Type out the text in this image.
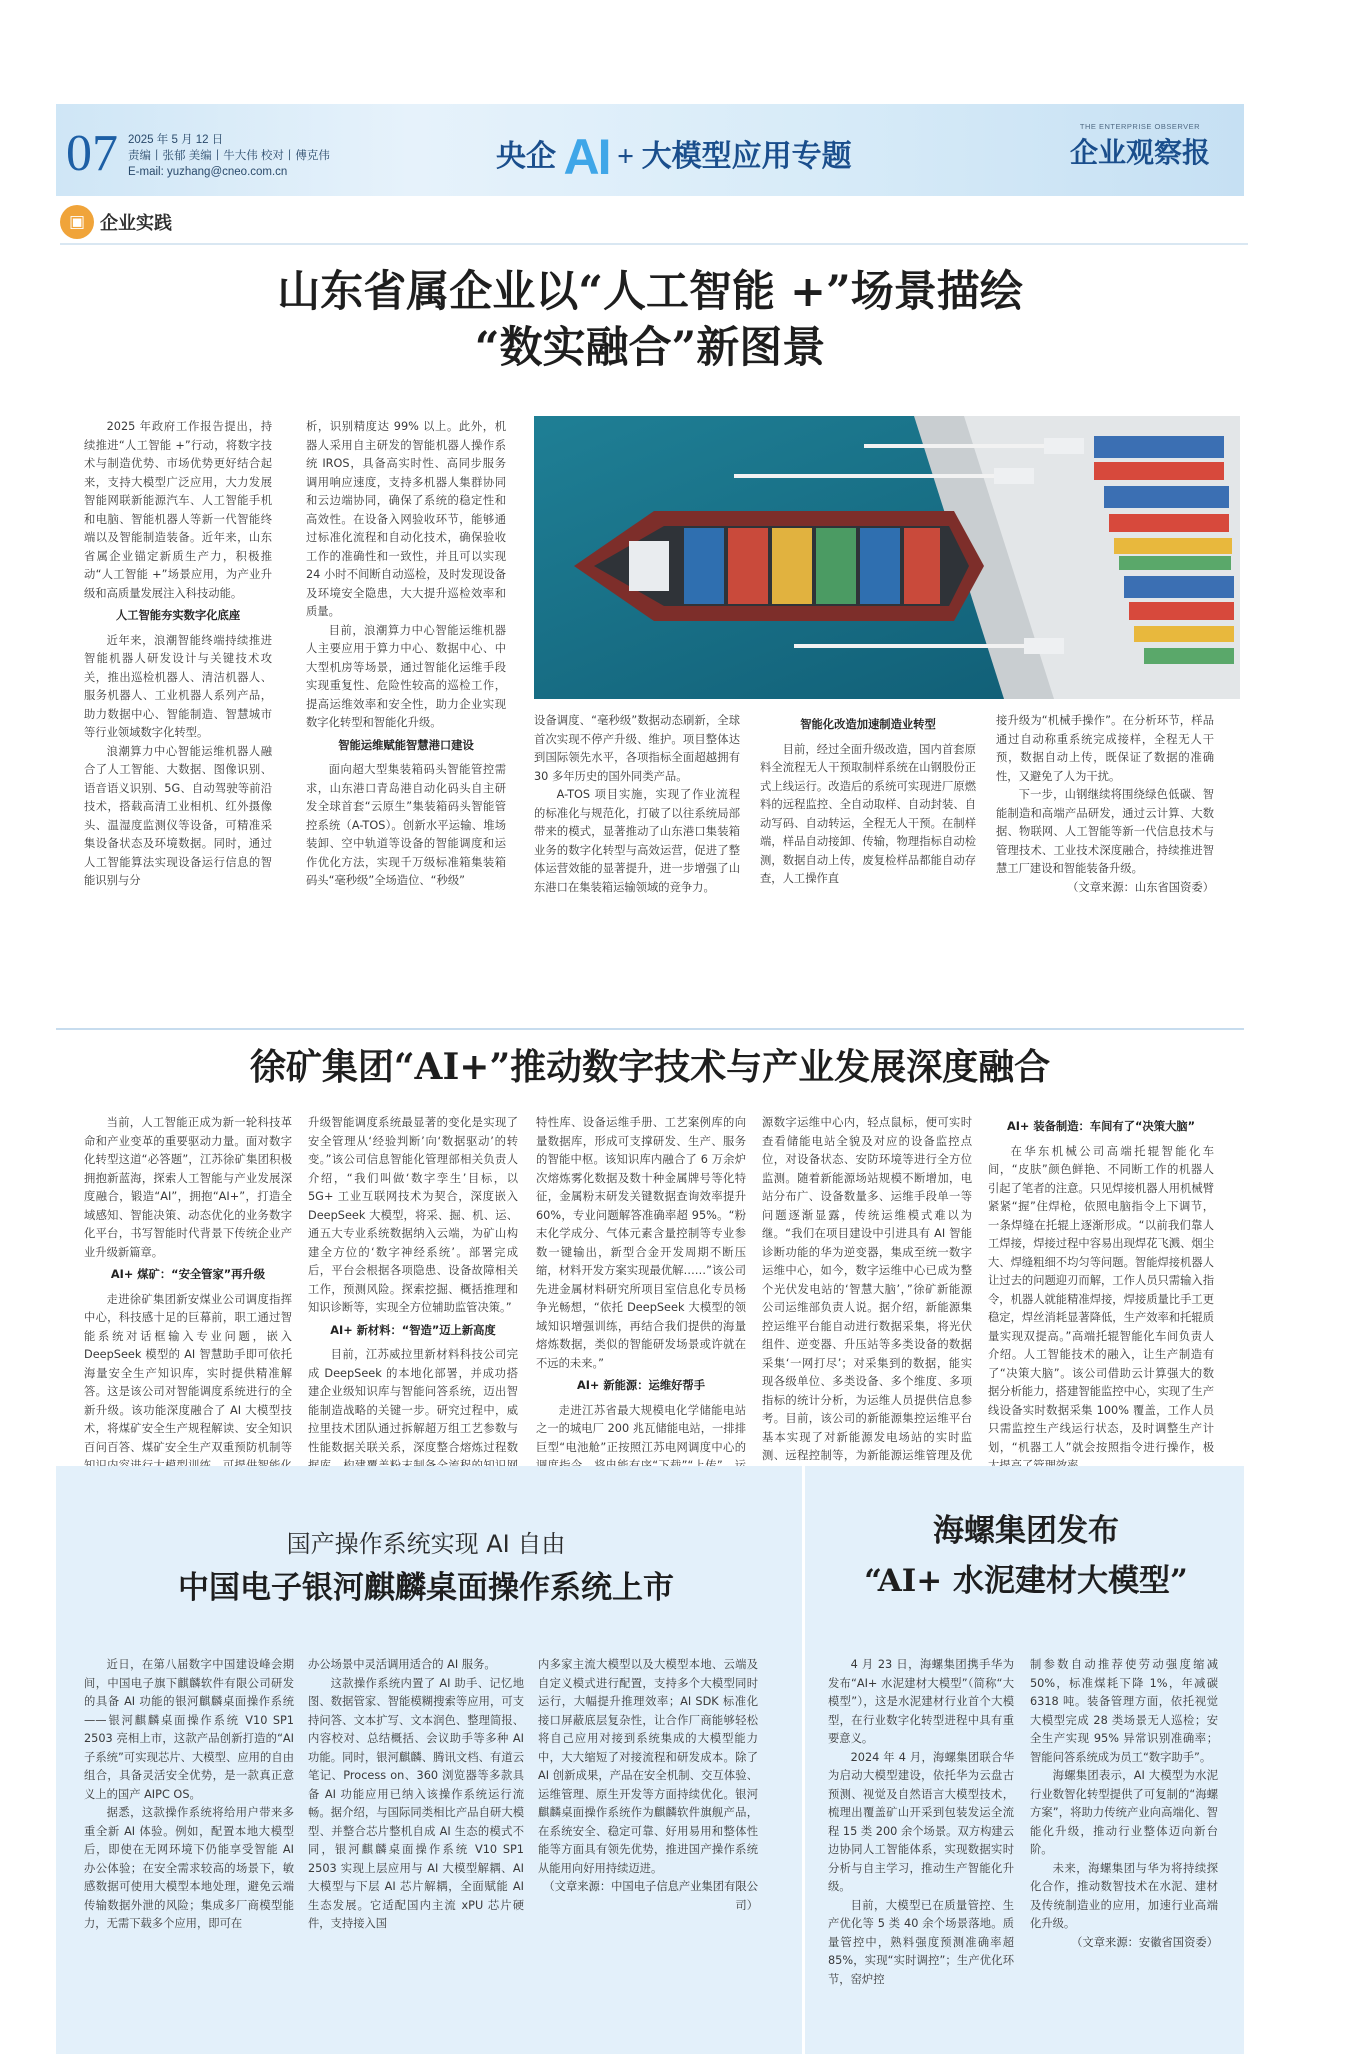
07 2025 年 5 月 12 日
责编丨张郁 美编丨牛大伟 校对丨傅克伟
E-mail: yuzhang@cneo.com.cn	央企 AI + 大模型应用专题
THE ENTERPRISE OBSERVER
企业观察报
▣ 企业实践
山东省属企业以“人工智能 +”场景描绘
“数实融合”新图景

2025 年政府工作报告提出，持续推进“人工智能 +”行动，将数字技术与制造优势、市场优势更好结合起来，支持大模型广泛应用，大力发展智能网联新能源汽车、人工智能手机和电脑、智能机器人等新一代智能终端以及智能制造装备。近年来，山东省属企业锚定新质生产力，积极推动“人工智能 +”场景应用，为产业升级和高质量发展注入科技动能。

人工智能夯实数字化底座

近年来，浪潮智能终端持续推进智能机器人研发设计与关键技术攻关，推出巡检机器人、清洁机器人、服务机器人、工业机器人系列产品，助力数据中心、智能制造、智慧城市等行业领域数字化转型。

浪潮算力中心智能运维机器人融合了人工智能、大数据、图像识别、语音语义识别、5G、自动驾驶等前沿技术，搭载高清工业相机、红外摄像头、温湿度监测仪等设备，可精准采集设备状态及环境数据。同时，通过人工智能算法实现设备运行信息的智能识别与分

析，识别精度达 99% 以上。此外，机器人采用自主研发的智能机器人操作系统 IROS，具备高实时性、高同步服务调用响应速度，支持多机器人集群协同和云边端协同，确保了系统的稳定性和高效性。在设备入网验收环节，能够通过标准化流程和自动化技术，确保验收工作的准确性和一致性，并且可以实现 24 小时不间断自动巡检，及时发现设备及环境安全隐患，大大提升巡检效率和质量。

目前，浪潮算力中心智能运维机器人主要应用于算力中心、数据中心、中大型机房等场景，通过智能化运维手段实现重复性、危险性较高的巡检工作，提高运维效率和安全性，助力企业实现数字化转型和智能化升级。

智能运维赋能智慧港口建设

面向超大型集装箱码头智能管控需求，山东港口青岛港自动化码头自主研发全球首套“云原生”集装箱码头智能管控系统（A-TOS）。创新水平运输、堆场装卸、空中轨道等设备的智能调度和运作优化方法，实现千万级标准箱集装箱码头“毫秒级”全场造位、“秒级”

设备调度、“毫秒级”数据动态刷新，全球首次实现不停产升级、维护。项目整体达到国际领先水平，各项指标全面超越拥有 30 多年历史的国外同类产品。

A-TOS 项目实施，实现了作业流程的标准化与规范化，打破了以往系统局部带来的模式，显著推动了山东港口集装箱业务的数字化转型与高效运营，促进了整体运营效能的显著提升，进一步增强了山东港口在集装箱运输领域的竞争力。

智能化改造加速制造业转型

目前，经过全面升级改造，国内首套原料全流程无人干预取制样系统在山钢股份正式上线运行。改造后的系统可实现进厂原燃料的远程监控、全自动取样、自动封装、自动写码、自动转运，全程无人干预。在制样端，样品自动接卸、传输，物理指标自动检测，数据自动上传，废复检样品都能自动存查，人工操作直

接升级为“机械手操作”。在分析环节，样品通过自动称重系统完成接样，全程无人干预，数据自动上传，既保证了数据的准确性，又避免了人为干扰。

下一步，山钢继续将围绕绿色低碳、智能制造和高端产品研发，通过云计算、大数据、物联网、人工智能等新一代信息技术与管理技术、工业技术深度融合，持续推进智慧工厂建设和智能装备升级。

（文章来源：山东省国资委）
徐矿集团“AI+”推动数字技术与产业发展深度融合

当前，人工智能正成为新一轮科技革命和产业变革的重要驱动力量。面对数字化转型这道“必答题”，江苏徐矿集团积极拥抱新蓝海，探索人工智能与产业发展深度融合，锻造“AI”，拥抱“AI+”，打造全域感知、智能决策、动态优化的业务数字化平台，书写智能时代背景下传统企业产业升级新篇章。

AI+ 煤矿：“安全管家”再升级

走进徐矿集团新安煤业公司调度指挥中心，科技感十足的巨幕前，职工通过智能系统对话框输入专业问题，嵌入 DeepSeek 模型的 AI 智慧助手即可依托海量安全生产知识库，实时提供精准解答。这是该公司对智能调度系统进行的全新升级。该功能深度融合了 AI 大模型技术，将煤矿安全生产规程解读、安全知识百问百答、煤矿安全生产双重预防机制等

升级智能调度系统最显著的变化是实现了安全管理从‘经验判断’向‘数据驱动’的转变。”该公司信息智能化管理部相关负责人介绍，“我们叫做‘数字孪生’目标，以 5G+ 工业互联网技术为契合，深度嵌入 DeepSeek 大模型，将采、掘、机、运、通五大专业系统数据纳入云端，为矿山构建全方位的‘数字神经系统’。部署完成后，平台会根据各项隐患、设备故障相关工作，预测风险。探索挖掘、概括推理和知识诊断等，实现全方位辅助监管决策。”

AI+ 新材料：“智造”迈上新高度

目前，江苏威拉里新材料科技公司完成 DeepSeek 的本地化部署，并成功搭建企业级知识库与智能问答系统，迈出智能制造战略的关键一步。研究过程中，威拉里技术团队通过拆解超万组工艺参数与性能数据关联关系，深度整合熔炼过程数

特性库、设备运维手册、工艺案例库的向量数据库，形成可支撑研发、生产、服务的智能中枢。该知识库内融合了 6 万余炉次熔炼雾化数据及数十种金属牌号等化特征，金属粉末研发关键数据查询效率提升 60%，专业问题解答准确率超 95%。“粉末化学成分、气体元素含量控制等专业参数一键输出，新型合金开发周期不断压缩，材料开发方案实现最优解……”该公司先进金属材料研究所项目室信息化专员杨争光畅想，“依托 DeepSeek 大模型的领域知识增强训练，再结合我们提供的海量熔炼数据，类似的智能研发场景或许就在不远的未来。”

AI+ 新能源：运维好帮手

走进江苏省最大规模电化学储能电站之一的城电厂 200 兆瓦储能电站，一排排巨型“电池舱”正按照江苏电网调度中心的

源数字运维中心内，轻点鼠标，便可实时查看储能电站全貌及对应的设备监控点位，对设备状态、安防环境等进行全方位监测。随着新能源场站规模不断增加，电站分布广、设备数量多、运维手段单一等问题逐渐显露，传统运维模式难以为继。“我们在项目建设中引进具有 AI 智能诊断功能的华为逆变器，集成至统一数字运维中心，如今，数字运维中心已成为整个光伏发电站的‘智慧大脑’，”徐矿新能源公司运维部负责人说。据介绍，新能源集控运维平台能自动进行数据采集，将光伏组件、逆变器、升压站等多类设备的数据采集‘一网打尽’；对采集到的数据，能实现各级单位、多类设备、多个维度、多项指标的统计分析，为运维人员提供信息参考。目前，该公司的新能源集控运维平台基本实现了对新能源发电场站的实时监测、远程控制等，为新能源运维管理及优

AI+ 装备制造：车间有了“决策大脑”

在华东机械公司高端托辊智能化车间，“皮肤”颜色鲜艳、不同断工作的机器人引起了笔者的注意。只见焊接机器人用机械臂紧紧“握”住焊枪，依照电脑指令上下调节，一条焊缝在托辊上逐渐形成。“以前我们靠人工焊接，焊接过程中容易出现焊花飞溅、烟尘大、焊缝粗细不均匀等问题。智能焊接机器人让过去的问题迎刃而解，工作人员只需输入指令，机器人就能精准焊接，焊接质量比手工更稳定，焊丝消耗显著降低，生产效率和托辊质量实现双提高。”高端托辊智能化车间负责人介绍。人工智能技术的融入，让生产制造有了“决策大脑”。该公司借助云计算强大的数据分析能力，搭建智能监控中心，实现了生产线设备实时数据采集 100% 覆盖，工作人员只需监控生产线运行状态，及时调整生产计划，“机器工人”就会按照指令进行操作，极

国产操作系统实现 AI 自由
中国电子银河麒麟桌面操作系统上市

近日，在第八届数字中国建设峰会期间，中国电子旗下麒麟软件有限公司研发的具备 AI 功能的银河麒麟桌面操作系统——银河麒麟桌面操作系统 V10 SP1 2503 亮相上市，这款产品创新打造的“AI 子系统”可实现芯片、大模型、应用的自由组合，具备灵活安全优势，是一款真正意义上的国产 AIPC OS。

据悉，这款操作系统将给用户带来多重全新 AI 体验。例如，配置本地大模型后，即使在无网环境下仍能享受智能 AI 办公体验；在安全需求较高的场景下，敏感数据可使用大模型本地处理，避免云端传输数据外泄的风险；集成多厂商模型能力，无需下载多个应用，即可在

办公场景中灵活调用适合的 AI 服务。

这款操作系统内置了 AI 助手、记忆地图、数据管家、智能模糊搜索等应用，可支持问答、文本扩写、文本润色、整理简报、内容校对、总结概括、会议助手等多种 AI 功能。同时，银河麒麟、腾讯文档、有道云笔记、Process on、360 浏览器等多款具备 AI 功能应用已纳入该操作系统运行流畅。据介绍，与国际同类相比产品自研大模型、并整合芯片整机自成 AI 生态的模式不同，银河麒麟桌面操作系统 V10 SP1 2503 实现上层应用与 AI 大模型解耦、AI 大模型与下层 AI 芯片解耦，全面赋能 AI 生态发展。它适配国内主流 xPU 芯片硬件，支持接入国

内多家主流大模型以及大模型本地、云端及自定义模式进行配置，支持多个大模型同时运行，大幅提升推理效率；AI SDK 标准化接口屏蔽底层复杂性，让合作厂商能够轻松将自己应用对接到系统集成的大模型能力中，大大缩短了对接流程和研发成本。除了 AI 创新成果，产品在安全机制、交互体验、运维管理、原生开发等方面持续优化。银河麒麟桌面操作系统作为麒麟软件旗舰产品，在系统安全、稳定可靠、好用易用和整体性能等方面具有领先优势，推进国产操作系统从能用向好用持续迈进。

（文章来源：中国电子信息产业集团有限公司）
海螺集团发布
“AI+ 水泥建材大模型”

4 月 23 日，海螺集团携手华为发布“AI+ 水泥建材大模型”（简称“大模型”），这是水泥建材行业首个大模型，在行业数字化转型进程中具有重要意义。

2024 年 4 月，海螺集团联合华为启动大模型建设，依托华为云盘古预测、视觉及自然语言大模型技术，梳理出覆盖矿山开采到包装发运全流程 15 类 200 余个场景。双方构建云边协同人工智能体系，实现数据实时分析与自主学习，推动生产智能化升级。

目前，大模型已在质量管控、生产优化等 5 类 40 余个场景落地。质量管控中，熟料强度预测准确率超 85%，实现“实时调控”；生产优化环节，窑炉控

制参数自动推荐使劳动强度缩减 50%，标准煤耗下降 1%，年减碳 6318 吨。装备管理方面，依托视觉大模型完成 28 类场景无人巡检；安全生产实现 95% 异常识别准确率；智能问答系统成为员工“数字助手”。

海螺集团表示，AI 大模型为水泥行业数智化转型提供了可复制的“海螺方案”，将助力传统产业向高端化、智能化升级，推动行业整体迈向新台阶。

未来，海螺集团与华为将持续探化合作，推动数智技术在水泥、建材及传统制造业的应用，加速行业高端化升级。

（文章来源：安徽省国资委）
